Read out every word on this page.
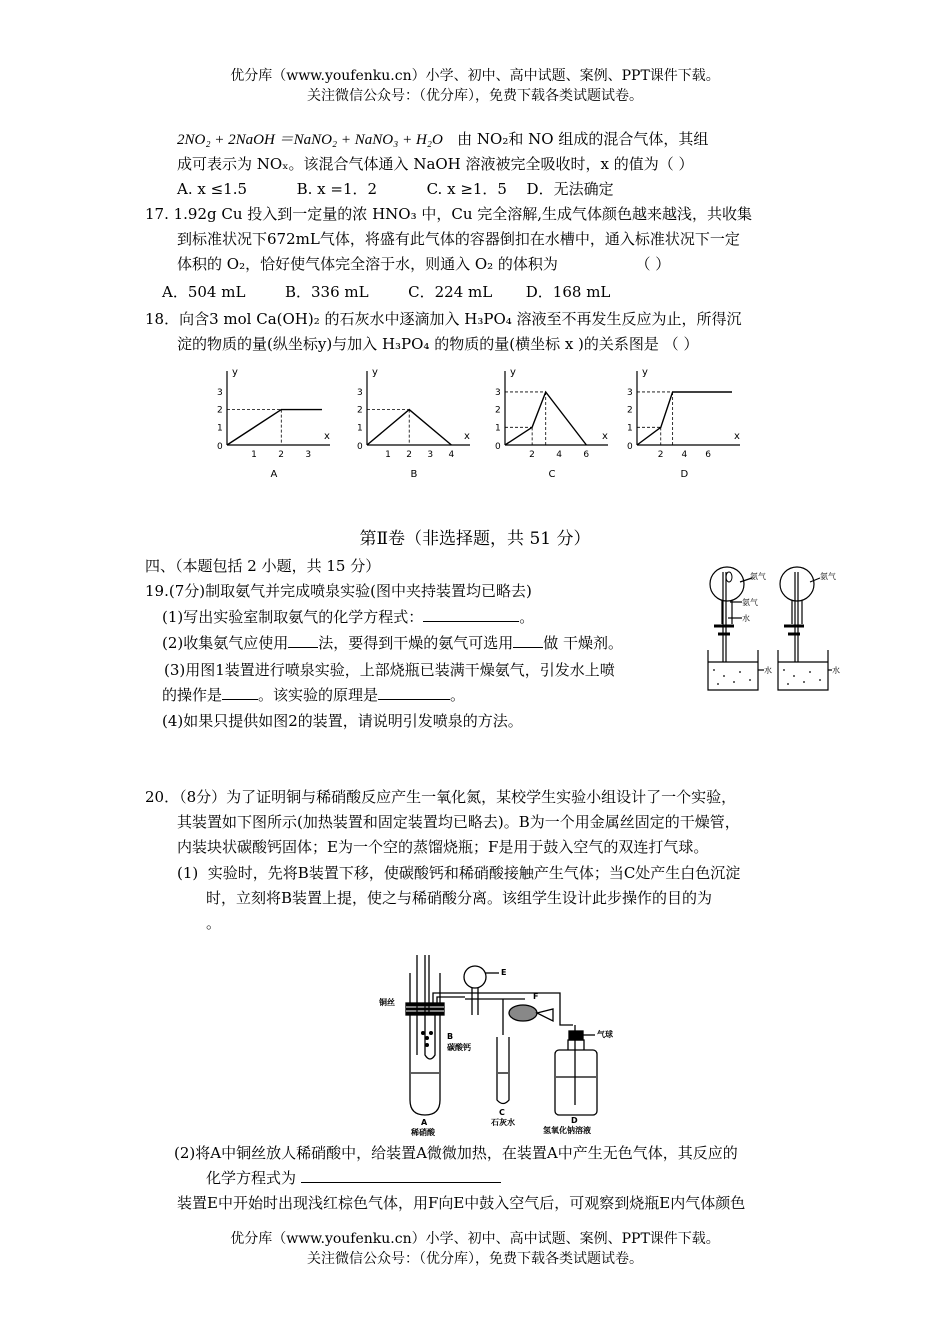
优分库（www.youfenku.cn）小学、初中、高中试题、案例、PPT课件下载。
关注微信公众号：（优分库），免费下载各类试题试卷。
2NO₂ + 2NaOH ＝NaNO₂ + NaNO₃ + H₂O 由 NO₂和 NO 组成的混合气体，其组
成可表示为 NOₓ。该混合气体通入 NaOH 溶液被完全吸收时，x 的值为（ ）
A. x ≤1.5	B. x =1．2	C. x ≥1．5 D．无法确定
17. 1.92g Cu 投入到一定量的浓 HNO₃ 中，Cu 完全溶解,生成气体颜色越来越浅，共收集
到标准状况下672mL气体，将盛有此气体的容器倒扣在水槽中，通入标准状况下一定
体积的 O₂，恰好使气体完全溶于水，则通入 O₂ 的体积为	（ ）
A．504 mL	B．336 mL	C．224 mL D．168 mL
18．向含3 mol Ca(OH)₂ 的石灰水中逐滴加入 H₃PO₄ 溶液至不再发生反应为止，所得沉
淀的物质的量(纵坐标y)与加入 H₃PO₄ 的物质的量(横坐标 x )的关系图是 （ ）
y
x
0
1 2 3
1
2
3
A
y
x
0
1 2 3 4
1
2
3
B
y
x
0
2 4 6
1
2
3
C
y
x
0
2 4 6
1
2
3
D
第Ⅱ卷（非选择题，共 51 分）
四、（本题包括 2 小题，共 15 分）
19.(7分)制取氨气并完成喷泉实验(图中夹持装置均已略去)
(1)写出实验室制取氨气的化学方程式：	。
(2)收集氨气应使用 法，要得到干燥的氨气可选用 做 干燥剂。
(3)用图1装置进行喷泉实验，上部烧瓶已装满干燥氨气，引发水上喷
的操作是 。该实验的原理是	。
(4)如果只提供如图2的装置，请说明引发喷泉的方法。
氨气
氨气
水
水
氨气
水
20．（8分）为了证明铜与稀硝酸反应产生一氧化氮，某校学生实验小组设计了一个实验，
其装置如下图所示(加热装置和固定装置均已略去)。B为一个用金属丝固定的干燥管，
内装块状碳酸钙固体；E为一个空的蒸馏烧瓶；F是用于鼓入空气的双连打气球。
(1) 实验时，先将B装置下移，使碳酸钙和稀硝酸接触产生气体；当C处产生白色沉淀
时，立刻将B装置上提，使之与稀硝酸分离。该组学生设计此步操作的目的为
。
铜丝
B
碳酸钙
A
稀硝酸
C
石灰水	D
氢氧化钠溶液
E
F
气球
(2)将A中铜丝放人稀硝酸中，给装置A微微加热，在装置A中产生无色气体，其反应的
化学方程式为
装置E中开始时出现浅红棕色气体，用F向E中鼓入空气后，可观察到烧瓶E内气体颜色
优分库（www.youfenku.cn）小学、初中、高中试题、案例、PPT课件下载。
关注微信公众号：（优分库），免费下载各类试题试卷。
